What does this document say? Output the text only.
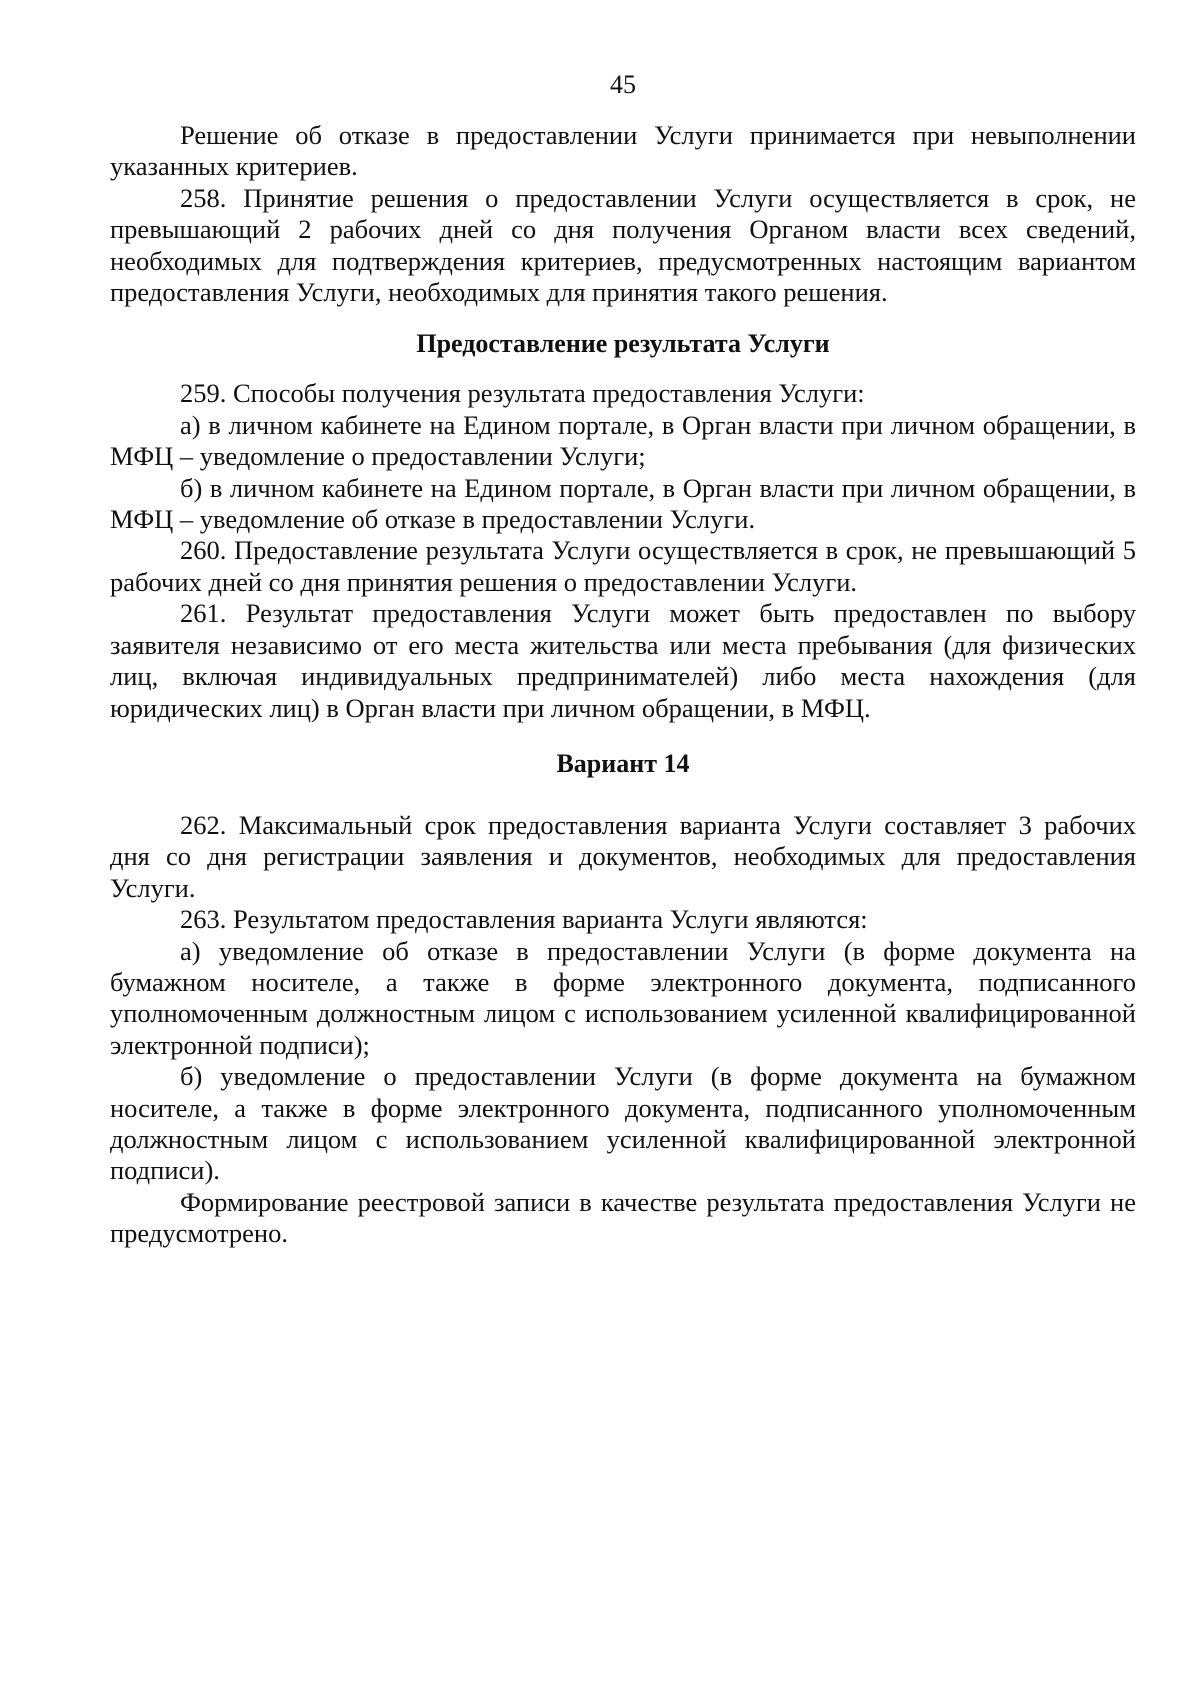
45

Решение об отказе в предоставлении Услуги принимается при невыполнении указанных критериев.

258. Принятие решения о предоставлении Услуги осуществляется в срок, не превышающий 2 рабочих дней со дня получения Органом власти всех сведений, необходимых для подтверждения критериев, предусмотренных настоящим вариантом предоставления Услуги, необходимых для принятия такого решения.

Предоставление результата Услуги

259. Способы получения результата предоставления Услуги:

а) в личном кабинете на Едином портале, в Орган власти при личном обращении, в МФЦ – уведомление о предоставлении Услуги;

б) в личном кабинете на Едином портале, в Орган власти при личном обращении, в МФЦ – уведомление об отказе в предоставлении Услуги.

260. Предоставление результата Услуги осуществляется в срок, не превышающий 5 рабочих дней со дня принятия решения о предоставлении Услуги.

261. Результат предоставления Услуги может быть предоставлен по выбору заявителя независимо от его места жительства или места пребывания (для физических лиц, включая индивидуальных предпринимателей) либо места нахождения (для юридических лиц) в Орган власти при личном обращении, в МФЦ.

Вариант 14

262. Максимальный срок предоставления варианта Услуги составляет 3 рабочих дня со дня регистрации заявления и документов, необходимых для предоставления Услуги.

263. Результатом предоставления варианта Услуги являются:

а) уведомление об отказе в предоставлении Услуги (в форме документа на бумажном носителе, а также в форме электронного документа, подписанного уполномоченным должностным лицом с использованием усиленной квалифицированной электронной подписи);

б) уведомление о предоставлении Услуги (в форме документа на бумажном носителе, а также в форме электронного документа, подписанного уполномоченным должностным лицом с использованием усиленной квалифицированной электронной подписи).

Формирование реестровой записи в качестве результата предоставления Услуги не предусмотрено.
